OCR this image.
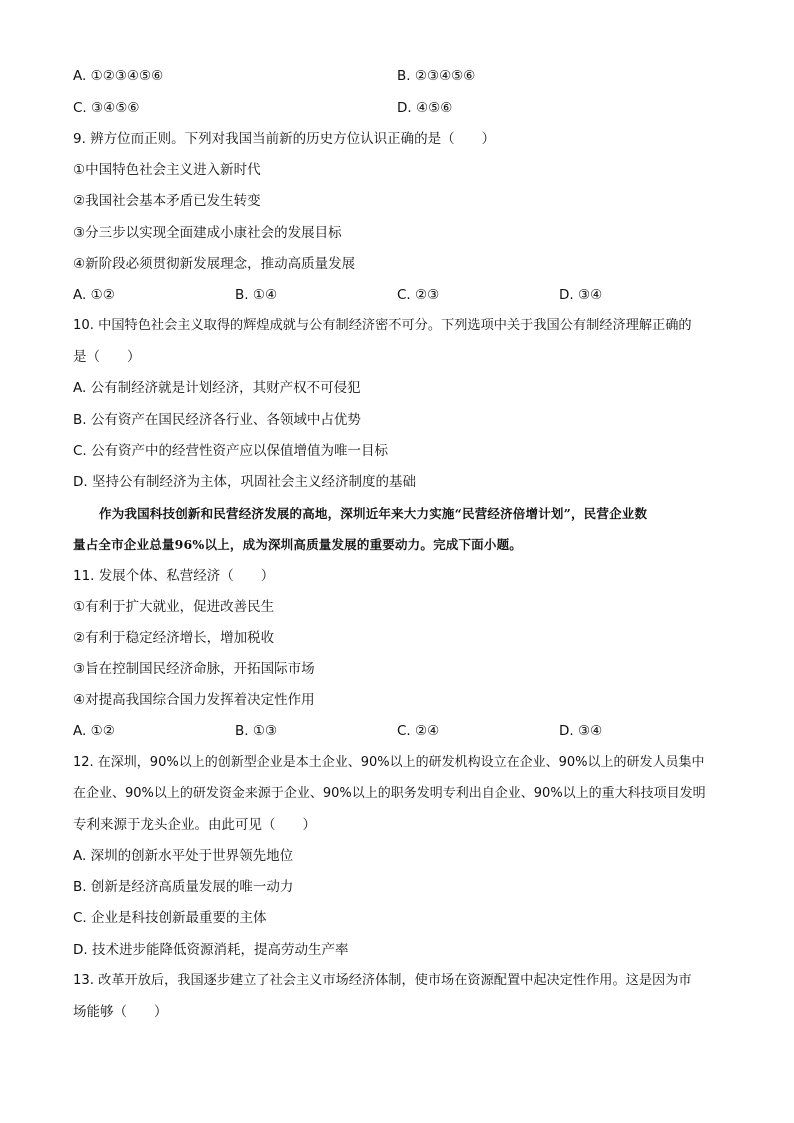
A. ①②③④⑤⑥	B. ②③④⑤⑥
C. ③④⑤⑥	D. ④⑤⑥
9. 辨方位而正则。下列对我国当前新的历史方位认识正确的是（　　）
①中国特色社会主义进入新时代
②我国社会基本矛盾已发生转变
③分三步以实现全面建成小康社会的发展目标
④新阶段必须贯彻新发展理念，推动高质量发展
A. ①②	B. ①④	C. ②③	D. ③④
10. 中国特色社会主义取得的辉煌成就与公有制经济密不可分。下列选项中关于我国公有制经济理解正确的
是（　　）
A. 公有制经济就是计划经济，其财产权不可侵犯
B. 公有资产在国民经济各行业、各领域中占优势
C. 公有资产中的经营性资产应以保值增值为唯一目标
D. 坚持公有制经济为主体，巩固社会主义经济制度的基础
作为我国科技创新和民营经济发展的高地，深圳近年来大力实施“民营经济倍增计划”，民营企业数
量占全市企业总量96%以上，成为深圳高质量发展的重要动力。完成下面小题。
11. 发展个体、私营经济（　　）
①有利于扩大就业，促进改善民生
②有利于稳定经济增长，增加税收
③旨在控制国民经济命脉，开拓国际市场
④对提高我国综合国力发挥着决定性作用
A. ①②	B. ①③	C. ②④	D. ③④
12. 在深圳，90%以上的创新型企业是本土企业、90%以上的研发机构设立在企业、90%以上的研发人员集中
在企业、90%以上的研发资金来源于企业、90%以上的职务发明专利出自企业、90%以上的重大科技项目发明
专利来源于龙头企业。由此可见（　　）
A. 深圳的创新水平处于世界领先地位
B. 创新是经济高质量发展的唯一动力
C. 企业是科技创新最重要的主体
D. 技术进步能降低资源消耗，提高劳动生产率
13. 改革开放后，我国逐步建立了社会主义市场经济体制，使市场在资源配置中起决定性作用。这是因为市
场能够（　　）
